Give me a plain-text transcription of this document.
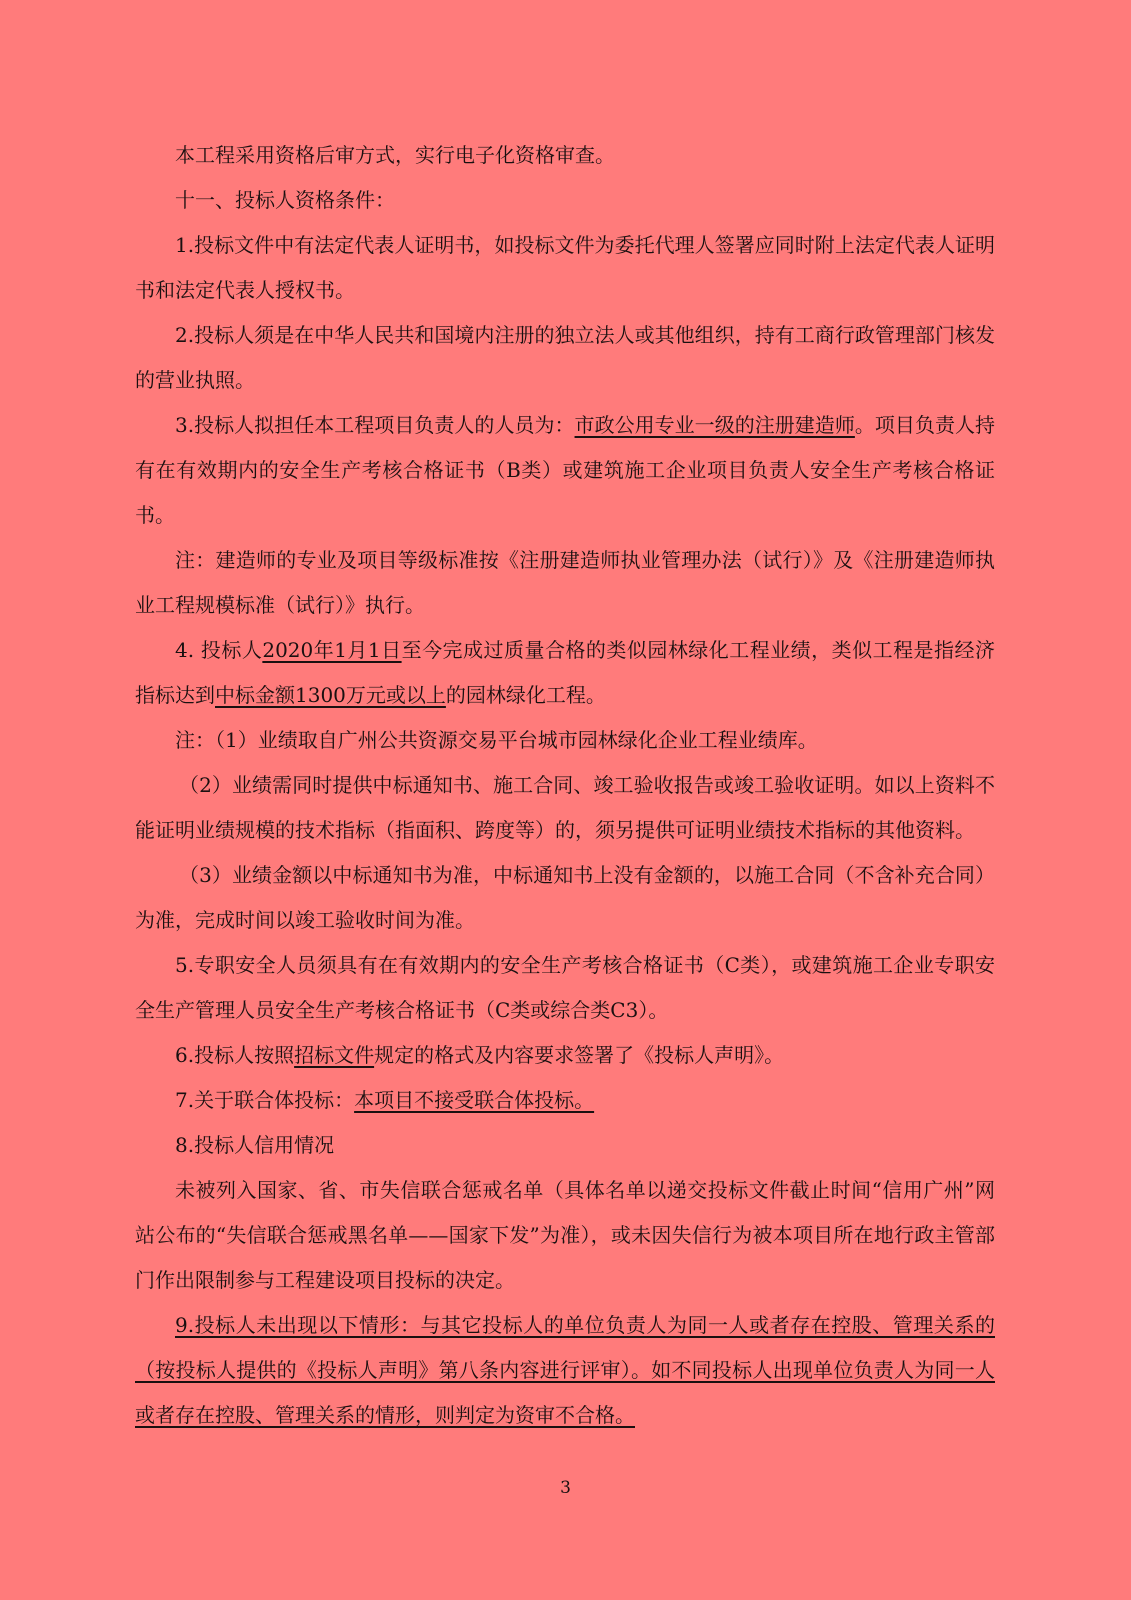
本工程采用资格后审方式，实行电子化资格审查。

十一、投标人资格条件：

1.投标文件中有法定代表人证明书，如投标文件为委托代理人签署应同时附上法定代表人证明书和法定代表人授权书。

2.投标人须是在中华人民共和国境内注册的独立法人或其他组织，持有工商行政管理部门核发的营业执照。

3.投标人拟担任本工程项目负责人的人员为：市政公用专业一级的注册建造师。项目负责人持有在有效期内的安全生产考核合格证书（B类）或建筑施工企业项目负责人安全生产考核合格证书。

注：建造师的专业及项目等级标准按《注册建造师执业管理办法（试行）》及《注册建造师执业工程规模标准（试行）》执行。

4. 投标人2020年1月1日至今完成过质量合格的类似园林绿化工程业绩，类似工程是指经济指标达到中标金额1300万元或以上的园林绿化工程。

注：（1）业绩取自广州公共资源交易平台城市园林绿化企业工程业绩库。

（2）业绩需同时提供中标通知书、施工合同、竣工验收报告或竣工验收证明。如以上资料不能证明业绩规模的技术指标（指面积、跨度等）的，须另提供可证明业绩技术指标的其他资料。

（3）业绩金额以中标通知书为准，中标通知书上没有金额的，以施工合同（不含补充合同）为准，完成时间以竣工验收时间为准。

5.专职安全人员须具有在有效期内的安全生产考核合格证书（C类），或建筑施工企业专职安全生产管理人员安全生产考核合格证书（C类或综合类C3）。

6.投标人按照招标文件规定的格式及内容要求签署了《投标人声明》。

7.关于联合体投标：本项目不接受联合体投标。

8.投标人信用情况

未被列入国家、省、市失信联合惩戒名单（具体名单以递交投标文件截止时间“信用广州”网站公布的“失信联合惩戒黑名单——国家下发”为准），或未因失信行为被本项目所在地行政主管部门作出限制参与工程建设项目投标的决定。

9.投标人未出现以下情形：与其它投标人的单位负责人为同一人或者存在控股、管理关系的（按投标人提供的《投标人声明》第八条内容进行评审）。如不同投标人出现单位负责人为同一人或者存在控股、管理关系的情形，则判定为资审不合格。

3
